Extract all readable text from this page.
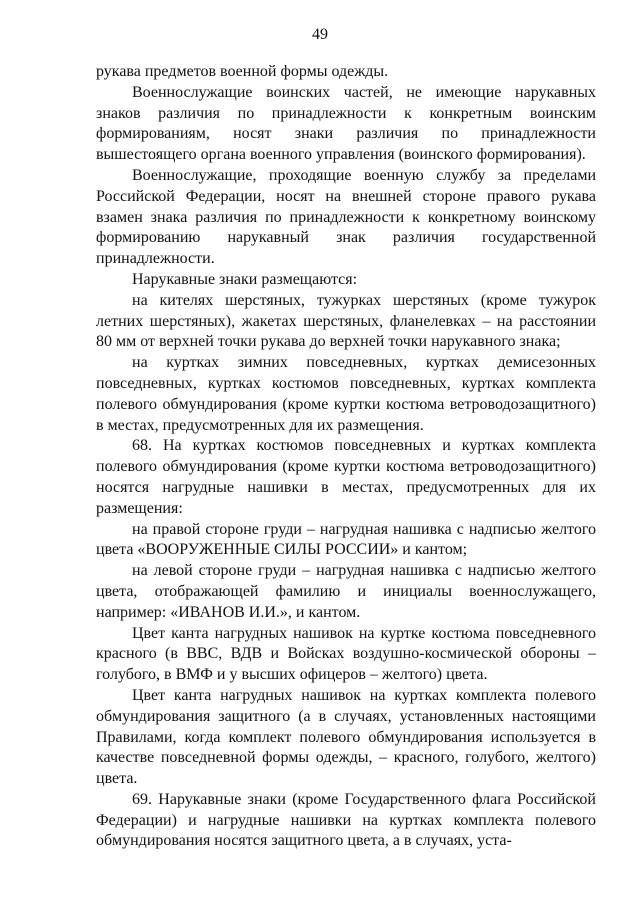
49

рукава предметов военной формы одежды.

Военнослужащие воинских частей, не имеющие нарукавных знаков различия по принадлежности к конкретным воинским формированиям, носят знаки различия по принадлежности вышестоящего органа военного управления (воинского формирования).

Военнослужащие, проходящие военную службу за пределами Российской Федерации, носят на внешней стороне правого рукава взамен знака различия по принадлежности к конкретному воинскому формированию нарукавный знак различия государственной принадлежности.

Нарукавные знаки размещаются:

на кителях шерстяных, тужурках шерстяных (кроме тужурок летних шерстяных), жакетах шерстяных, фланелевках – на расстоянии 80 мм от верхней точки рукава до верхней точки нарукавного знака;

на куртках зимних повседневных, куртках демисезонных повседневных, куртках костюмов повседневных, куртках комплекта полевого обмундирования (кроме куртки костюма ветроводозащитного) в местах, предусмотренных для их размещения.

68. На куртках костюмов повседневных и куртках комплекта полевого обмундирования (кроме куртки костюма ветроводозащитного) носятся нагрудные нашивки в местах, предусмотренных для их размещения:

на правой стороне груди – нагрудная нашивка с надписью желтого цвета «ВООРУЖЕННЫЕ СИЛЫ РОССИИ» и кантом;

на левой стороне груди – нагрудная нашивка с надписью желтого цвета, отображающей фамилию и инициалы военнослужащего, например: «ИВАНОВ И.И.», и кантом.

Цвет канта нагрудных нашивок на куртке костюма повседневного красного (в ВВС, ВДВ и Войсках воздушно-космической обороны – голубого, в ВМФ и у высших офицеров – желтого) цвета.

Цвет канта нагрудных нашивок на куртках комплекта полевого обмундирования защитного (а в случаях, установленных настоящими Правилами, когда комплект полевого обмундирования используется в качестве повседневной формы одежды, – красного, голубого, желтого) цвета.

69. Нарукавные знаки (кроме Государственного флага Российской Федерации) и нагрудные нашивки на куртках комплекта полевого обмундирования носятся защитного цвета, а в случаях, уста-
